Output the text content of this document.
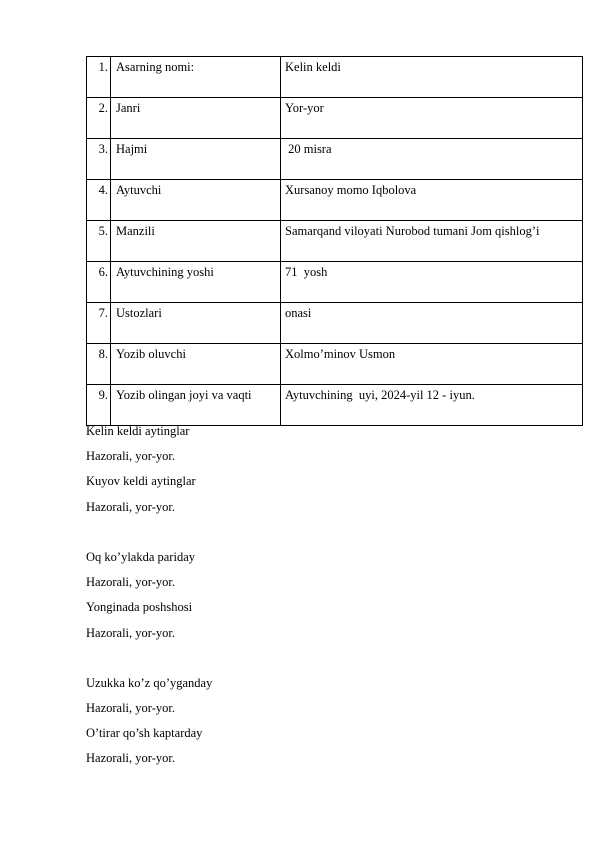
1.	Asarning nomi:	Kelin keldi
2.	Janri	Yor-yor
3.	Hajmi	20 misra
4.	Aytuvchi	Xursanoy momo Iqbolova
5.	Manzili	Samarqand viloyati Nurobod tumani Jom qishlog’i
6.	Aytuvchining yoshi	71  yosh
7.	Ustozlari	onasi
8.	Yozib oluvchi	Xolmo’minov Usmon
9.	Yozib olingan joyi va vaqti	Aytuvchining  uyi, 2024-yil 12 - iyun.
Kelin keldi aytinglar
Hazorali, yor-yor.
Kuyov keldi aytinglar
Hazorali, yor-yor.
Oq ko’ylakda pariday
Hazorali, yor-yor.
Yonginada poshshosi
Hazorali, yor-yor.
Uzukka ko’z qo’yganday
Hazorali, yor-yor.
O’tirar qo’sh kaptarday
Hazorali, yor-yor.
